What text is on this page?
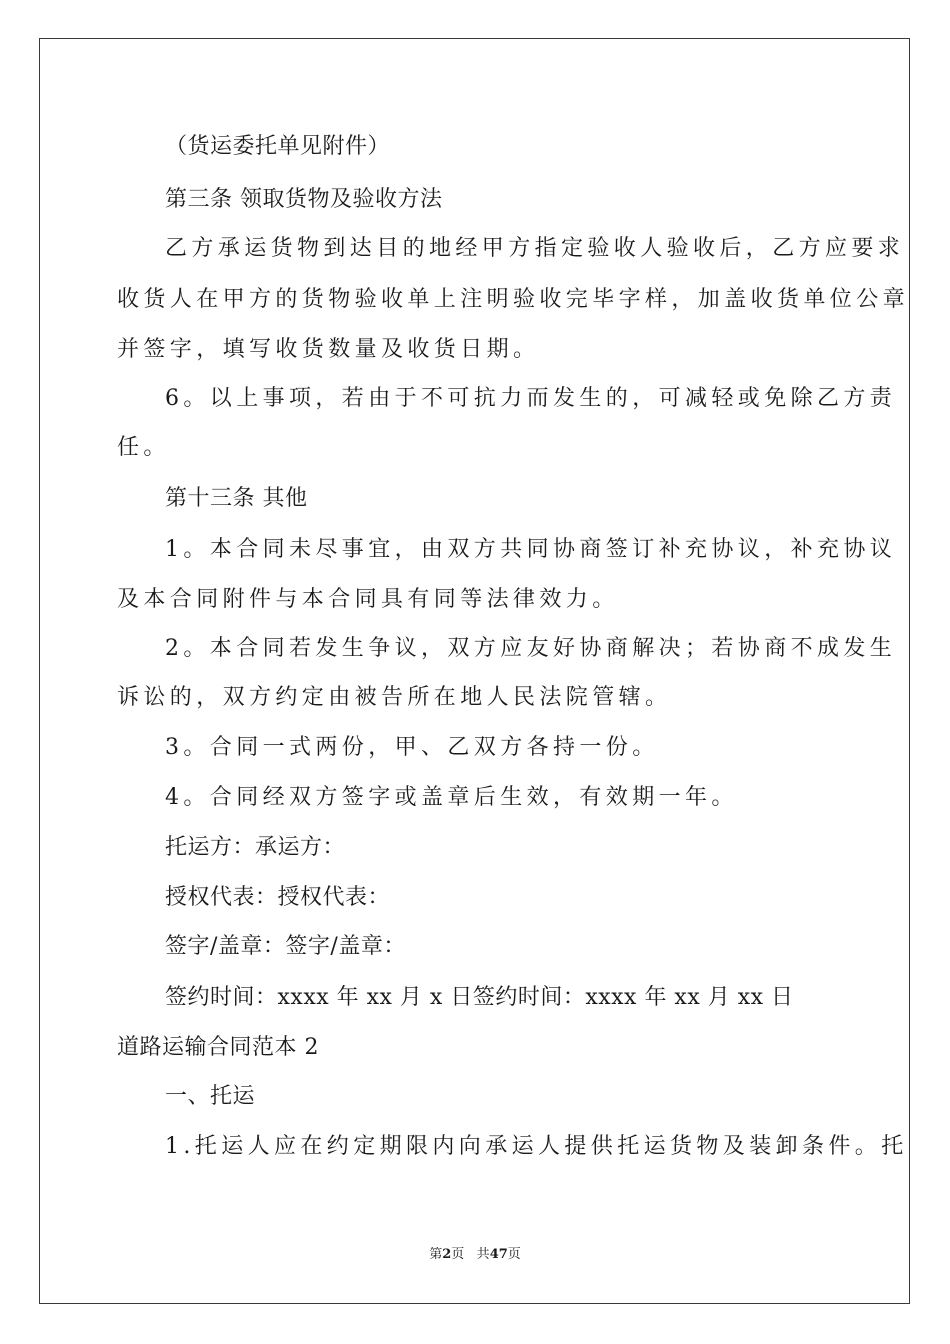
（货运委托单见附件）
第三条 领取货物及验收方法
乙方承运货物到达目的地经甲方指定验收人验收后，乙方应要求
收货人在甲方的货物验收单上注明验收完毕字样，加盖收货单位公章
并签字，填写收货数量及收货日期。
6。以上事项，若由于不可抗力而发生的，可减轻或免除乙方责
任。
第十三条 其他
1。本合同未尽事宜，由双方共同协商签订补充协议，补充协议
及本合同附件与本合同具有同等法律效力。
2。本合同若发生争议，双方应友好协商解决；若协商不成发生
诉讼的，双方约定由被告所在地人民法院管辖。
3。合同一式两份，甲、乙双方各持一份。
4。合同经双方签字或盖章后生效，有效期一年。
托运方：承运方：
授权代表：授权代表：
签字/盖章：签字/盖章：
签约时间：xxxx 年 xx 月 x 日签约时间：xxxx 年 xx 月 xx 日
道路运输合同范本 2
一、托运
1.托运人应在约定期限内向承运人提供托运货物及装卸条件。托
第2页 共47页
